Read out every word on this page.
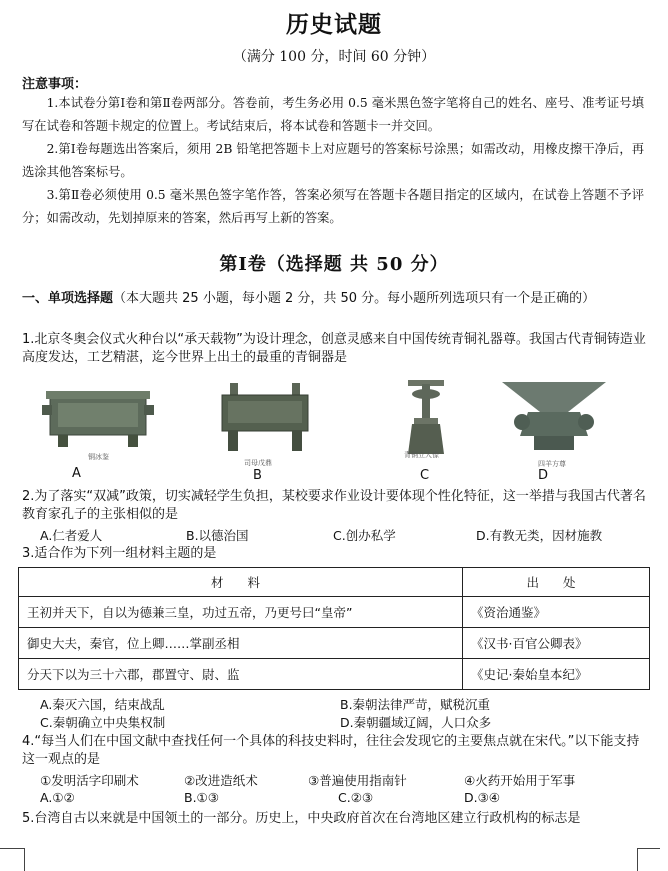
历史试题
（满分 100 分，时间 60 分钟）
注意事项：

1.本试卷分第Ⅰ卷和第Ⅱ卷两部分。答卷前，考生务必用 0.5 毫米黑色签字笔将自己的姓名、座号、准考证号填写在试卷和答题卡规定的位置上。考试结束后，将本试卷和答题卡一并交回。

2.第Ⅰ卷每题选出答案后，须用 2B 铅笔把答题卡上对应题号的答案标号涂黑；如需改动，用橡皮擦干净后，再选涂其他答案标号。

3.第Ⅱ卷必须使用 0.5 毫米黑色签字笔作答，答案必须写在答题卡各题目指定的区域内，在试卷上答题不予评分；如需改动，先划掉原来的答案，然后再写上新的答案。

第Ⅰ卷（选择题 共 50 分）
一、单项选择题（本大题共 25 小题，每小题 2 分，共 50 分。每小题所列选项只有一个是正确的）
1.北京冬奥会仪式火种台以“承天载物”为设计理念，创意灵感来自中国传统青铜礼器尊。我国古代青铜铸造业高度发达，工艺精湛，迄今世界上出土的最重的青铜器是
铜冰鉴
司母戊鼎
青铜立人像
四羊方尊
A	B	C	D
2.为了落实“双减”政策，切实减轻学生负担，某校要求作业设计要体现个性化特征，这一举措与我国古代著名教育家孔子的主张相似的是
A.仁者爱人	B.以德治国	C.创办私学	D.有教无类，因材施教
3.适合作为下列一组材料主题的是
材 料	出 处
王初并天下，自以为德兼三皇，功过五帝，乃更号曰“皇帝”	《资治通鉴》
御史大夫，秦官，位上卿……掌副丞相	《汉书·百官公卿表》
分天下以为三十六郡，郡置守、尉、监	《史记·秦始皇本纪》
A.秦灭六国，结束战乱	B.秦朝法律严苛，赋税沉重
C.秦朝确立中央集权制	D.秦朝疆域辽阔，人口众多
4.“每当人们在中国文献中查找任何一个具体的科技史料时，往往会发现它的主要焦点就在宋代。”以下能支持这一观点的是
①发明活字印刷术	②改进造纸术	③普遍使用指南针	④火药开始用于军事
A.①②	B.①③	C.②③	D.③④
5.台湾自古以来就是中国领土的一部分。历史上，中央政府首次在台湾地区建立行政机构的标志是
